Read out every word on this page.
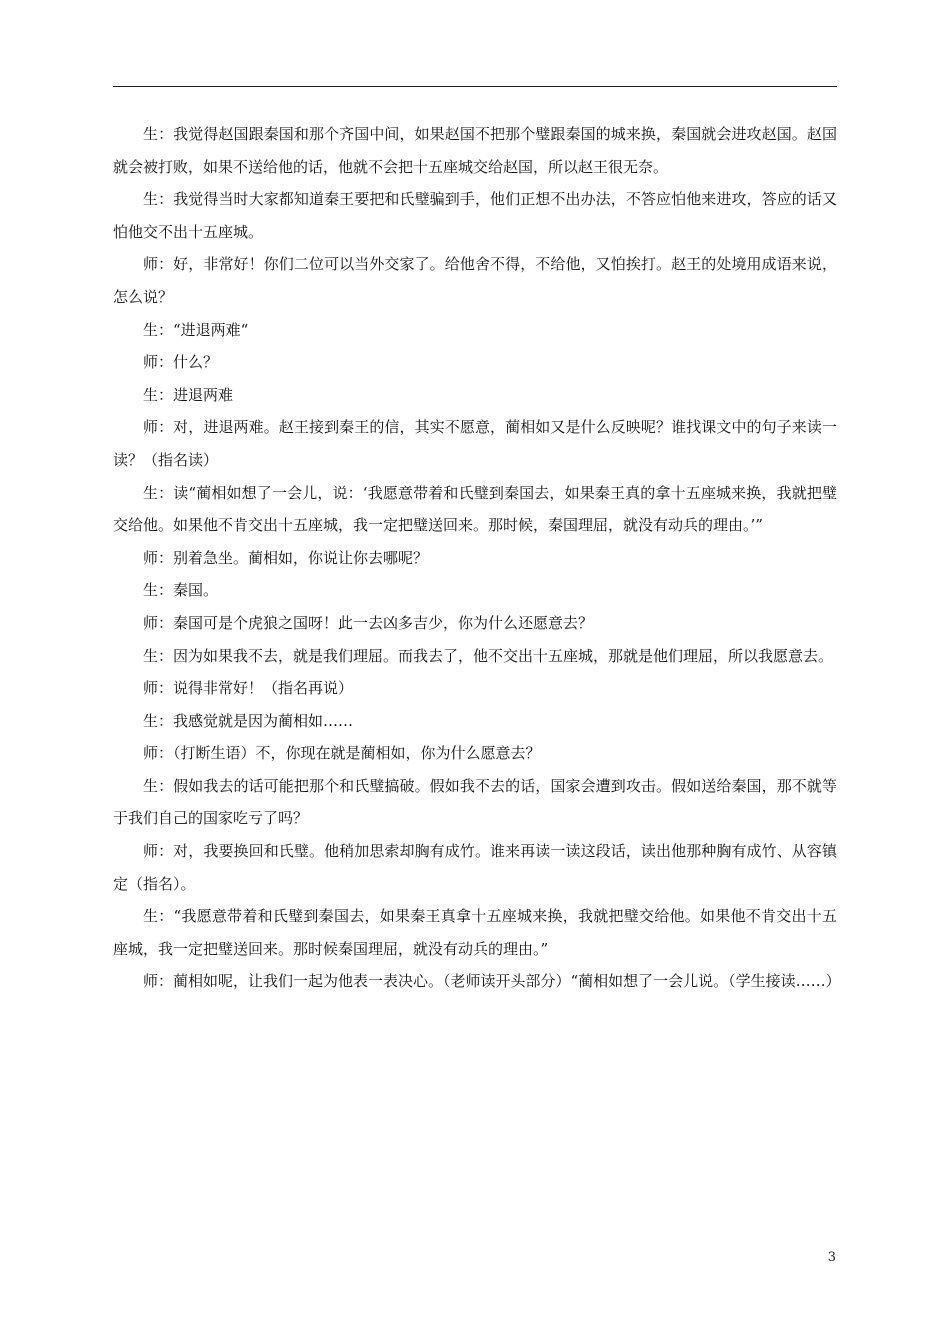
生：我觉得赵国跟秦国和那个齐国中间，如果赵国不把那个璧跟秦国的城来换，秦国就会进攻赵国。赵国就会被打败，如果不送给他的话，他就不会把十五座城交给赵国，所以赵王很无奈。

生：我觉得当时大家都知道秦王要把和氏璧骗到手，他们正想不出办法，不答应怕他来进攻，答应的话又怕他交不出十五座城。

师：好，非常好！你们二位可以当外交家了。给他舍不得，不给他，又怕挨打。赵王的处境用成语来说，怎么说？

生：“进退两难“

师：什么？

生：进退两难

师：对，进退两难。赵王接到秦王的信，其实不愿意，蔺相如又是什么反映呢？谁找课文中的句子来读一读？（指名读）

生：读“蔺相如想了一会儿，说：‘我愿意带着和氏璧到秦国去，如果秦王真的拿十五座城来换，我就把璧交给他。如果他不肯交出十五座城，我一定把璧送回来。那时候，秦国理屈，就没有动兵的理由。’”

师：别着急坐。蔺相如，你说让你去哪呢？

生：秦国。

师：秦国可是个虎狼之国呀！此一去凶多吉少，你为什么还愿意去？

生：因为如果我不去，就是我们理屈。而我去了，他不交出十五座城，那就是他们理屈，所以我愿意去。

师：说得非常好！（指名再说）

生：我感觉就是因为蔺相如……

师：（打断生语）不，你现在就是蔺相如，你为什么愿意去？

生：假如我去的话可能把那个和氏璧搞破。假如我不去的话，国家会遭到攻击。假如送给秦国，那不就等于我们自己的国家吃亏了吗？

师：对，我要换回和氏璧。他稍加思索却胸有成竹。谁来再读一读这段话，读出他那种胸有成竹、从容镇定（指名）。

生：“我愿意带着和氏璧到秦国去，如果秦王真拿十五座城来换，我就把璧交给他。如果他不肯交出十五座城，我一定把璧送回来。那时候秦国理屈，就没有动兵的理由。”

师：蔺相如呢，让我们一起为他表一表决心。（老师读开头部分）“蔺相如想了一会儿说。（学生接读……）

3
